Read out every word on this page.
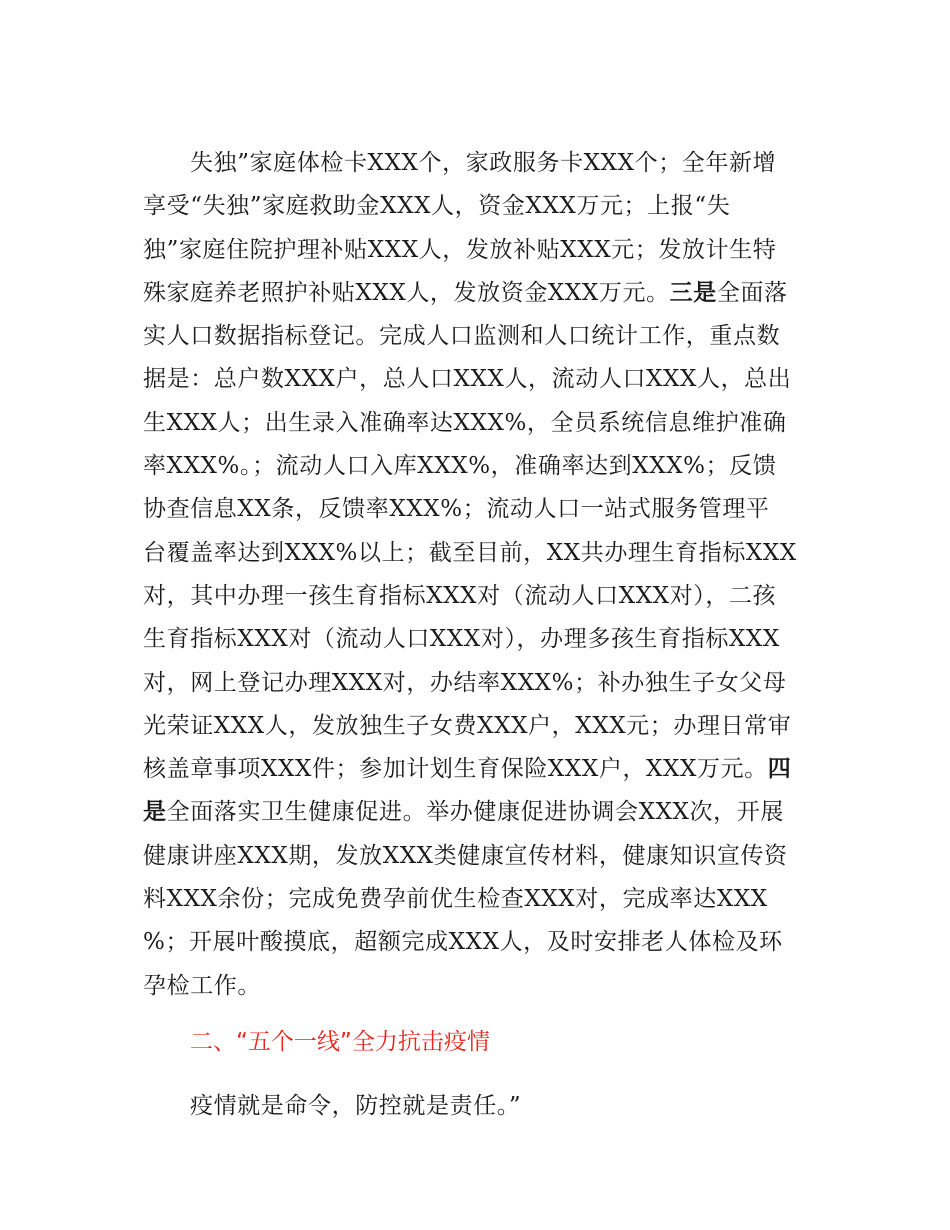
失独”家庭体检卡XXX个，家政服务卡XXX个；全年新增
享受“失独”家庭救助金XXX人，资金XXX万元；上报“失
独”家庭住院护理补贴XXX人，发放补贴XXX元；发放计生特
殊家庭养老照护补贴XXX人，发放资金XXX万元。三是全面落
实人口数据指标登记。完成人口监测和人口统计工作，重点数
据是：总户数XXX户，总人口XXX人，流动人口XXX人，总出
生XXX人；出生录入准确率达XXX%，全员系统信息维护准确
率XXX%。；流动人口入库XXX%，准确率达到XXX%；反馈
协查信息XX条，反馈率XXX%；流动人口一站式服务管理平
台覆盖率达到XXX%以上；截至目前，XX共办理生育指标XXX
对，其中办理一孩生育指标XXX对（流动人口XXX对），二孩
生育指标XXX对（流动人口XXX对），办理多孩生育指标XXX
对，网上登记办理XXX对，办结率XXX%；补办独生子女父母
光荣证XXX人，发放独生子女费XXX户，XXX元；办理日常审
核盖章事项XXX件；参加计划生育保险XXX户，XXX万元。四
是全面落实卫生健康促进。举办健康促进协调会XXX次，开展
健康讲座XXX期，发放XXX类健康宣传材料，健康知识宣传资
料XXX余份；完成免费孕前优生检查XXX对，完成率达XXX
%；开展叶酸摸底，超额完成XXX人，及时安排老人体检及环
孕检工作。
二、“五个一线”全力抗击疫情
疫情就是命令，防控就是责任。”
